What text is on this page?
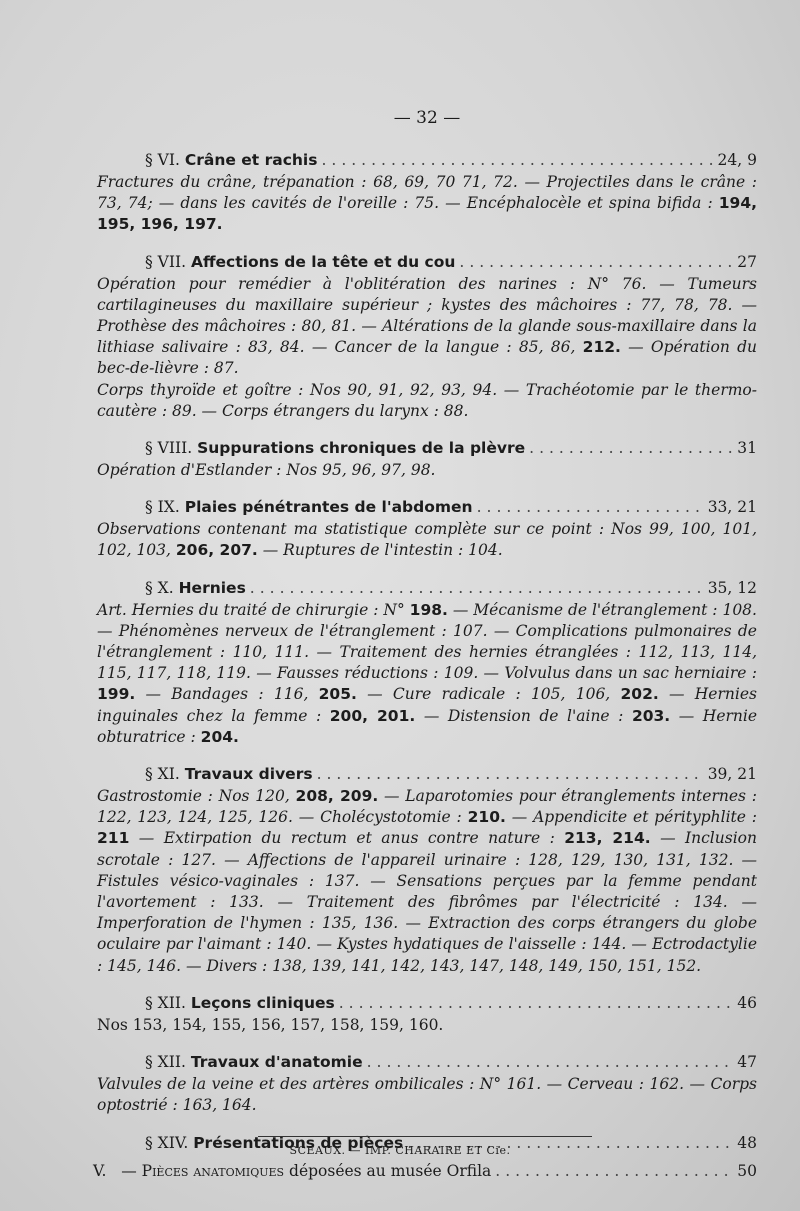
— 32 —
§ VI.
Crâne et rachis .....	24, 9

Fractures du crâne, trépanation : 68, 69, 70 71, 72. — Projectiles dans le crâne : 73, 74; — dans les cavités de l'oreille : 75. — Encéphalocèle et spina bifida : 194, 195, 196, 197.

§ VII.
Affections de la tête et du cou .....	27

Opération pour remédier à l'oblitération des narines : N° 76. — Tumeurs cartilagineuses du maxillaire supérieur ; kystes des mâchoires : 77, 78, 78. — Prothèse des mâchoires : 80, 81. — Altérations de la glande sous-maxillaire dans la lithiase salivaire : 83, 84. — Cancer de la langue : 85, 86, 212. — Opération du bec-de-lièvre : 87.

Corps thyroïde et goître : Nos 90, 91, 92, 93, 94. — Trachéotomie par le thermo-cautère : 89. — Corps étrangers du larynx : 88.

§ VIII.
Suppurations chroniques de la plèvre .....	31

Opération d'Estlander : Nos 95, 96, 97, 98.

§ IX.
Plaies pénétrantes de l'abdomen .....	33, 21

Observations contenant ma statistique complète sur ce point : Nos 99, 100, 101, 102, 103, 206, 207. — Ruptures de l'intestin : 104.

§ X.
Hernies .....	35, 12

Art. Hernies du traité de chirurgie : N° 198. — Mécanisme de l'étranglement : 108. — Phénomènes nerveux de l'étranglement : 107. — Complications pulmonaires de l'étranglement : 110, 111. — Traitement des hernies étranglées : 112, 113, 114, 115, 117, 118, 119. — Fausses réductions : 109. — Volvulus dans un sac herniaire : 199. — Bandages : 116, 205. — Cure radicale : 105, 106, 202. — Hernies inguinales chez la femme : 200, 201. — Distension de l'aine : 203. — Hernie obturatrice : 204.

§ XI.
Travaux divers .....	39, 21

Gastrostomie : Nos 120, 208, 209. — Laparotomies pour étranglements internes : 122, 123, 124, 125, 126. — Cholécystotomie : 210. — Appendicite et pérityphlite : 211 — Extirpation du rectum et anus contre nature : 213, 214. — Inclusion scrotale : 127. — Affections de l'appareil urinaire : 128, 129, 130, 131, 132. — Fistules vésico-vaginales : 137. — Sensations perçues par la femme pendant l'avortement : 133. — Traitement des fibrômes par l'électricité : 134. — Imperforation de l'hymen : 135, 136. — Extraction des corps étrangers du globe oculaire par l'aimant : 140. — Kystes hydatiques de l'aisselle : 144. — Ectrodactylie : 145, 146. — Divers : 138, 139, 141, 142, 143, 147, 148, 149, 150, 151, 152.

§ XII.
Leçons cliniques .....	46

Nos 153, 154, 155, 156, 157, 158, 159, 160.

§ XII.
Travaux d'anatomie .....	47

Valvules de la veine et des artères ombilicales : N° 161. — Cerveau : 162. — Corps optostrié : 163, 164.

§ XIV.
Présentations de pièces .....	48
V.
—
Pièces anatomiques
déposées au musée Orfila .....	50
SCEAUX. — IMP. CHARAIRE ET Cie.
